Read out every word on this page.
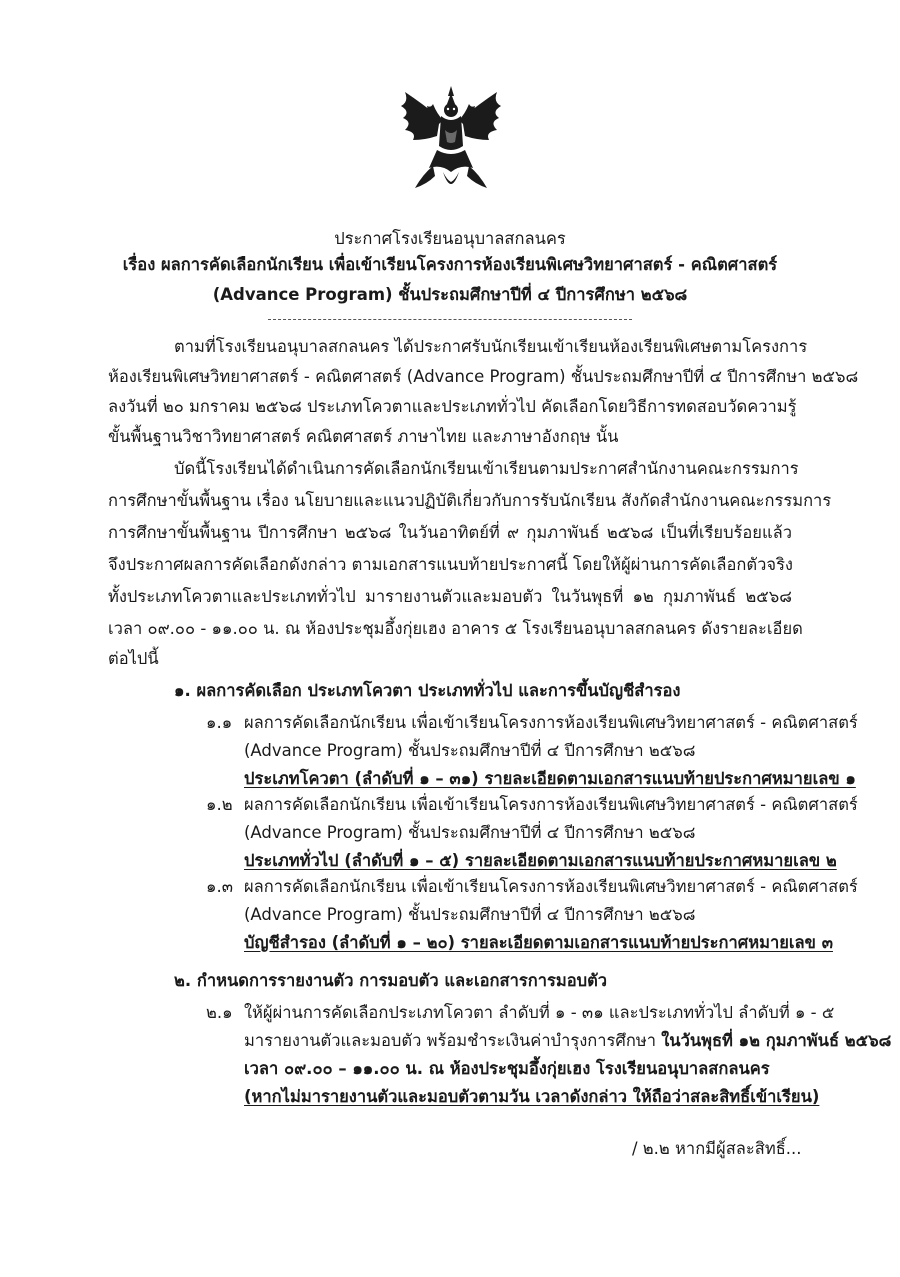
ประกาศโรงเรียนอนุบาลสกลนคร
เรื่อง ผลการคัดเลือกนักเรียน เพื่อเข้าเรียนโครงการห้องเรียนพิเศษวิทยาศาสตร์ - คณิตศาสตร์
(Advance Program) ชั้นประถมศึกษาปีที่ ๔ ปีการศึกษา ๒๕๖๘
ตามที่โรงเรียนอนุบาลสกลนคร ได้ประกาศรับนักเรียนเข้าเรียนห้องเรียนพิเศษตามโครงการ
ห้องเรียนพิเศษวิทยาศาสตร์ - คณิตศาสตร์ (Advance Program) ชั้นประถมศึกษาปีที่ ๔ ปีการศึกษา ๒๕๖๘
ลงวันที่ ๒๐ มกราคม ๒๕๖๘ ประเภทโควตาและประเภททั่วไป คัดเลือกโดยวิธีการทดสอบวัดความรู้
ขั้นพื้นฐานวิชาวิทยาศาสตร์ คณิตศาสตร์ ภาษาไทย และภาษาอังกฤษ นั้น
บัดนี้โรงเรียนได้ดำเนินการคัดเลือกนักเรียนเข้าเรียนตามประกาศสำนักงานคณะกรรมการ
การศึกษาขั้นพื้นฐาน เรื่อง นโยบายและแนวปฏิบัติเกี่ยวกับการรับนักเรียน สังกัดสำนักงานคณะกรรมการ
การศึกษาขั้นพื้นฐาน ปีการศึกษา ๒๕๖๘ ในวันอาทิตย์ที่ ๙ กุมภาพันธ์ ๒๕๖๘ เป็นที่เรียบร้อยแล้ว
จึงประกาศผลการคัดเลือกดังกล่าว ตามเอกสารแนบท้ายประกาศนี้ โดยให้ผู้ผ่านการคัดเลือกตัวจริง
ทั้งประเภทโควตาและประเภททั่วไป มารายงานตัวและมอบตัว ในวันพุธที่ ๑๒ กุมภาพันธ์ ๒๕๖๘
เวลา ๐๙.๐๐ - ๑๑.๐๐ น. ณ ห้องประชุมอึ้งกุ่ยเฮง อาคาร ๕ โรงเรียนอนุบาลสกลนคร ดังรายละเอียด
ต่อไปนี้
๑. ผลการคัดเลือก ประเภทโควตา ประเภททั่วไป และการขึ้นบัญชีสำรอง
๑.๑ ผลการคัดเลือกนักเรียน เพื่อเข้าเรียนโครงการห้องเรียนพิเศษวิทยาศาสตร์ - คณิตศาสตร์
(Advance Program) ชั้นประถมศึกษาปีที่ ๔ ปีการศึกษา ๒๕๖๘
ประเภทโควตา (ลำดับที่ ๑ – ๓๑) รายละเอียดตามเอกสารแนบท้ายประกาศหมายเลข ๑
๑.๒ ผลการคัดเลือกนักเรียน เพื่อเข้าเรียนโครงการห้องเรียนพิเศษวิทยาศาสตร์ - คณิตศาสตร์
(Advance Program) ชั้นประถมศึกษาปีที่ ๔ ปีการศึกษา ๒๕๖๘
ประเภททั่วไป (ลำดับที่ ๑ – ๕) รายละเอียดตามเอกสารแนบท้ายประกาศหมายเลข ๒
๑.๓ ผลการคัดเลือกนักเรียน เพื่อเข้าเรียนโครงการห้องเรียนพิเศษวิทยาศาสตร์ - คณิตศาสตร์
(Advance Program) ชั้นประถมศึกษาปีที่ ๔ ปีการศึกษา ๒๕๖๘
บัญชีสำรอง (ลำดับที่ ๑ – ๒๐) รายละเอียดตามเอกสารแนบท้ายประกาศหมายเลข ๓
๒. กำหนดการรายงานตัว การมอบตัว และเอกสารการมอบตัว
๒.๑ ให้ผู้ผ่านการคัดเลือกประเภทโควตา ลำดับที่ ๑ - ๓๑ และประเภททั่วไป ลำดับที่ ๑ - ๕
มารายงานตัวและมอบตัว พร้อมชำระเงินค่าบำรุงการศึกษา ในวันพุธที่ ๑๒ กุมภาพันธ์ ๒๕๖๘
เวลา ๐๙.๐๐ – ๑๑.๐๐ น. ณ ห้องประชุมอึ้งกุ่ยเฮง โรงเรียนอนุบาลสกลนคร
(หากไม่มารายงานตัวและมอบตัวตามวัน เวลาดังกล่าว ให้ถือว่าสละสิทธิ์เข้าเรียน)
/ ๒.๒ หากมีผู้สละสิทธิ์...
